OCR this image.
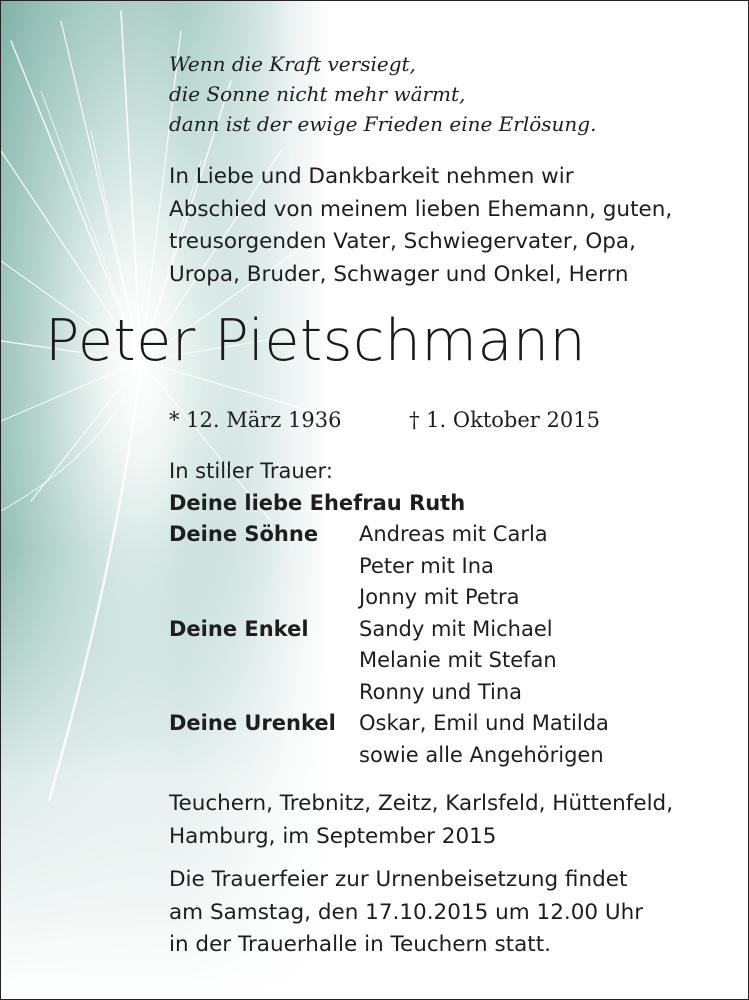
Wenn die Kraft versiegt,
die Sonne nicht mehr wärmt,
dann ist der ewige Frieden eine Erlösung.
In Liebe und Dankbarkeit nehmen wir
Abschied von meinem lieben Ehemann, guten,
treusorgenden Vater, Schwiegervater, Opa,
Uropa, Bruder, Schwager und Onkel, Herrn
Peter Pietschmann
* 12. März 1936	† 1. Oktober 2015
In stiller Trauer:
Deine liebe Ehefrau Ruth
Deine Söhne Andreas mit Carla
Peter mit Ina
Jonny mit Petra
Deine Enkel Sandy mit Michael
Melanie mit Stefan
Ronny und Tina
Deine Urenkel Oskar, Emil und Matilda
sowie alle Angehörigen
Teuchern, Trebnitz, Zeitz, Karlsfeld, Hüttenfeld,
Hamburg, im September 2015
Die Trauerfeier zur Urnenbeisetzung findet
am Samstag, den 17.10.2015 um 12.00 Uhr
in der Trauerhalle in Teuchern statt.
